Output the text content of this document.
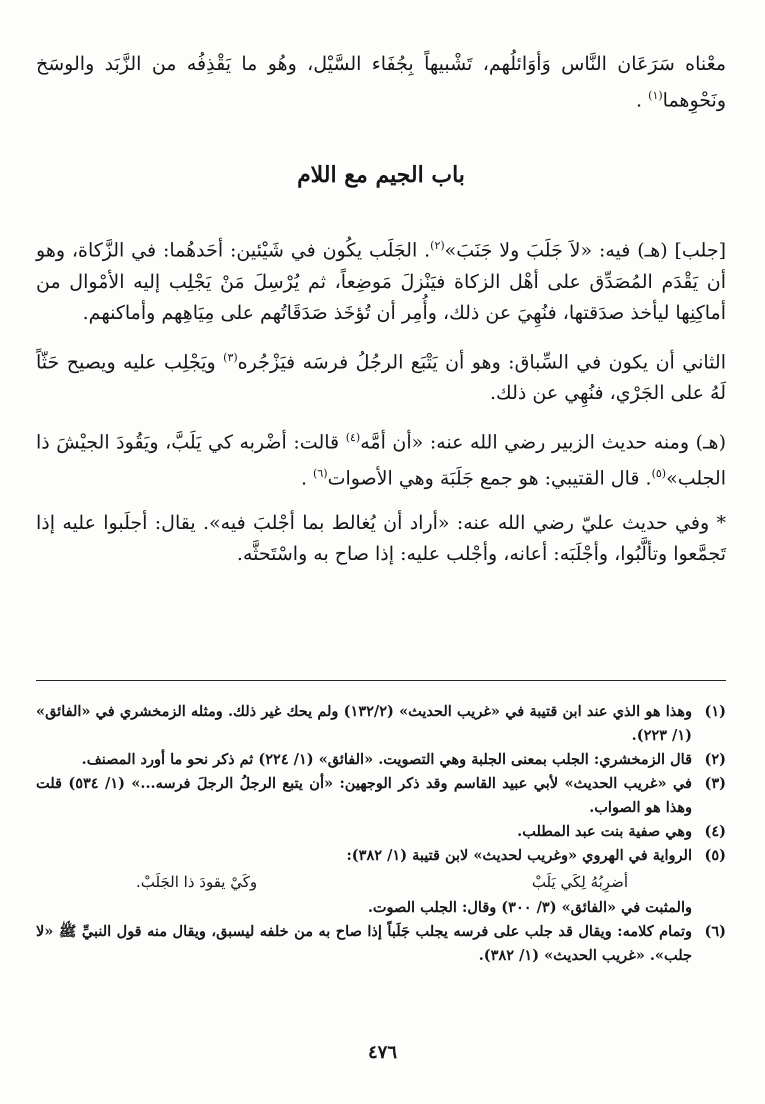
معْناه سَرَعَان النَّاس وَأوَائلُهم، تَشْبيهاً بِجُفَاء السَّيْل، وهُو ما يَقْذِفُه من الزَّبَد والوسَخ ونَحْوِهما$^{(١)}$ .

باب الجيم مع اللام

[جلب] (هـ) فيه: «لاَ جَلَبَ ولا جَنَبَ»$^{(٢)}$. الجَلَب يكُون في شَيْئين: أحَدهُما: في الزَّكاة، وهو أن يَقْدَم المُصَدِّق على أهْل الزكاة فيَنْزلَ مَوضِعاً، ثم يُرْسِلَ مَنْ يَجْلِب إليه الأمْوال من أماكِنِها ليأخذ صدَقتها، فنُهِيَ عن ذلك، وأُمِر أن تُؤخَذ صَدَقَاتُهم على مِيَاهِهم وأماكنهم.

الثاني أن يكون في السِّباق: وهو أن يَتْبَع الرجُلُ فرسَه فيَزْجُره$^{(٣)}$ ويَجْلِب عليه ويصيح حَثّاً لَهُ على الجَرْي، فنُهِي عن ذلك.

(هـ) ومنه حديث الزبير رضي الله عنه: «أن أمَّه$^{(٤)}$ قالت: أضْربه كي يَلَبَّ، ويَقُودَ الجيْشَ ذا الجلب»$^{(٥)}$. قال القتيبي: هو جمع جَلَبَة وهي الأصوات$^{(٦)}$ .

* وفي حديث عليّ رضي الله عنه: «أراد أن يُغالط بما أجْلبَ فيه». يقال: أجلَبوا عليه إذا تَجمَّعوا وتألَّبُوا، وأجْلَبَه: أعانه، وأجْلب عليه: إذا صاح به واسْتَحثَّه.

(١)
وهذا هو الذي عند ابن قتيبة في «غريب الحديث» (١٣٢/٢) ولم يحك غير ذلك. ومثله الزمخشري في «الفائق» (١/ ٢٢٣).
(٢)
قال الزمخشري: الجلب بمعنى الجلبة وهي التصويت. «الفائق» (١/ ٢٢٤) ثم ذكر نحو ما أورد المصنف.
(٣)
في «غريب الحديث» لأبي عبيد القاسم وقد ذكر الوجهين: «أن يتبع الرجلُ الرجلَ فرسه...» (١/ ٥٣٤) قلت وهذا هو الصواب.
(٤)
وهي صفية بنت عبد المطلب.
(٥)
الرواية في الهروي «وغريب لحديث» لابن قتيبة (١/ ٣٨٢):
أضرِبُهُ لِكَي يَلَبْ
وكَيْ يقودَ ذا الجَلَبْ.
والمثبت في «الفائق» (٣/ ٣٠٠) وقال: الجلب الصوت.
(٦)
وتمام كلامه: ويقال قد جلب على فرسه يجلب جَلَباً إذا صاح به من خلفه ليسبق، ويقال منه قول النبيِّ ﷺ «لا جلب». «غريب الحديث» (١/ ٣٨٢).
٤٧٦
